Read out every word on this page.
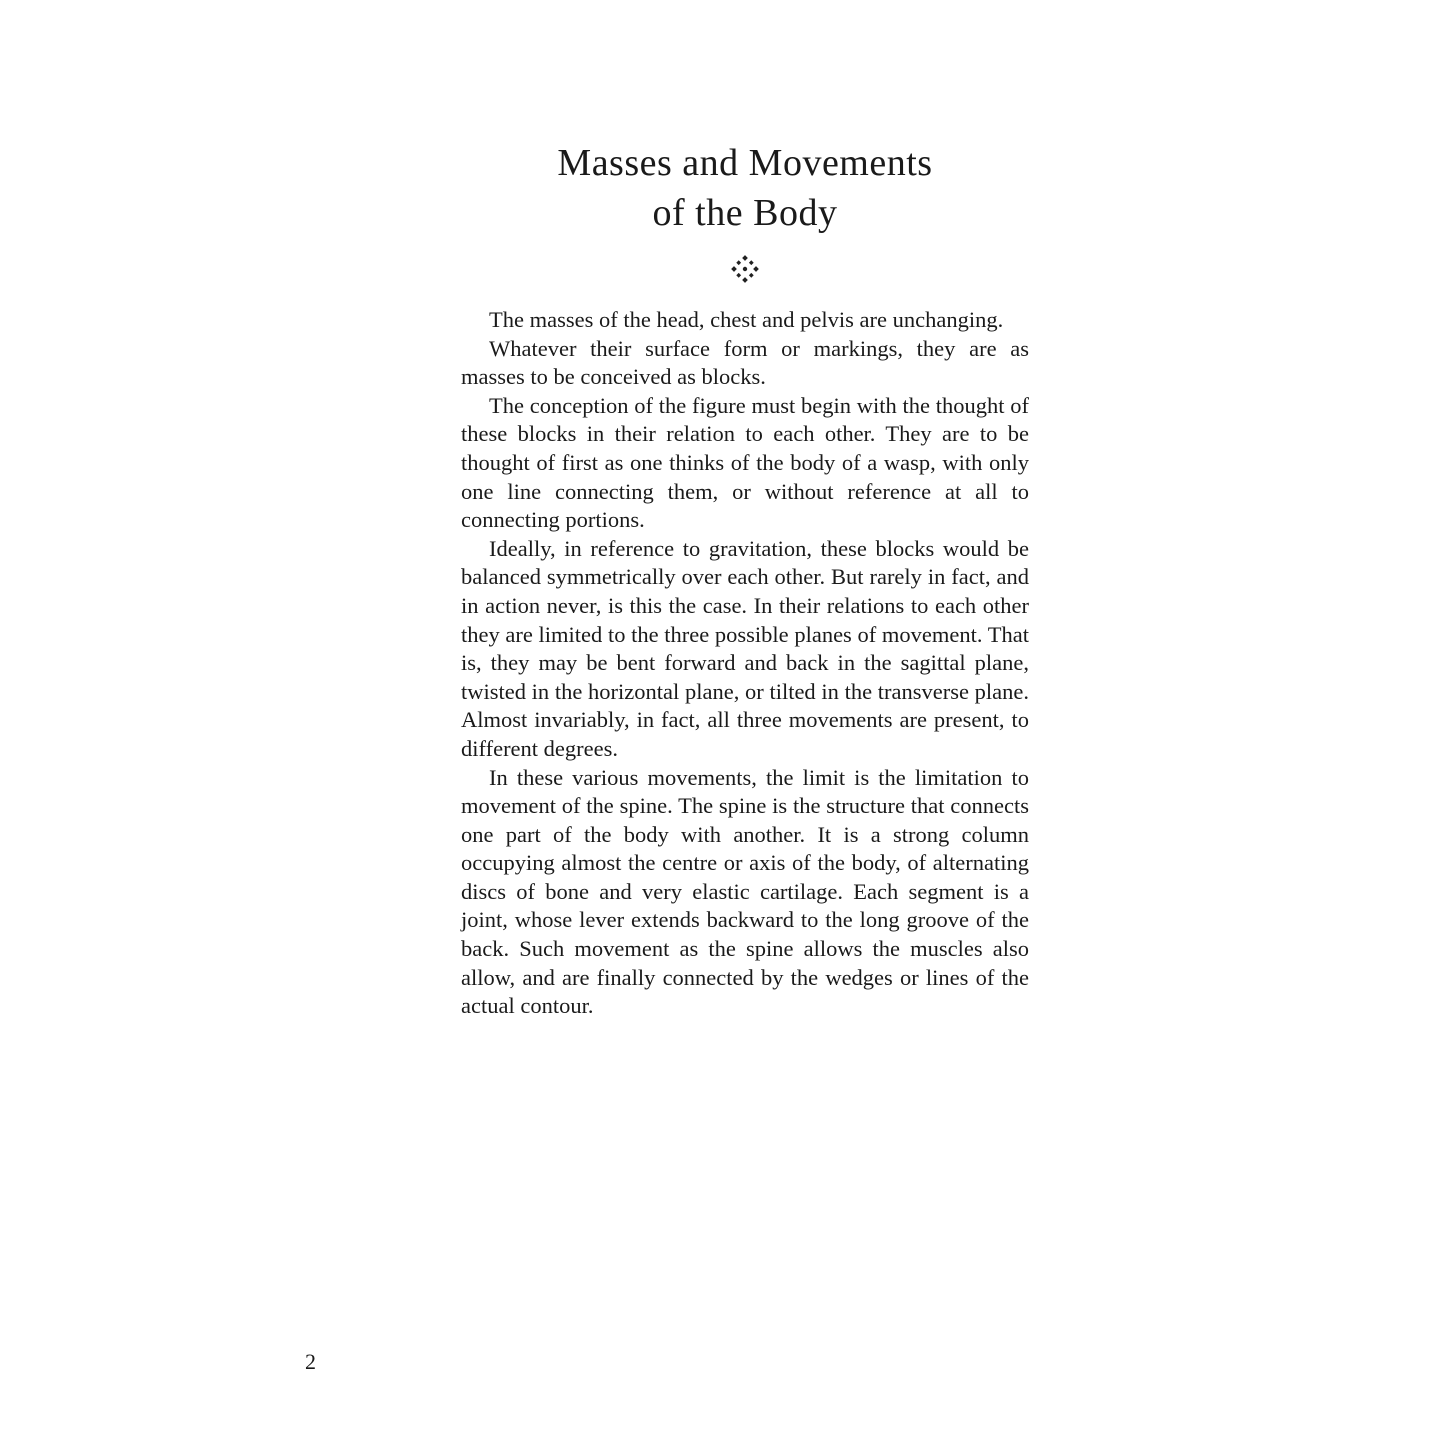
Masses and Movements
of the Body

The masses of the head, chest and pelvis are unchanging.

Whatever their surface form or markings, they are as masses to be conceived as blocks.

The conception of the figure must begin with the thought of these blocks in their relation to each other. They are to be thought of first as one thinks of the body of a wasp, with only one line connecting them, or without reference at all to connecting portions.

Ideally, in reference to gravitation, these blocks would be balanced symmetrically over each other. But rarely in fact, and in action never, is this the case. In their relations to each other they are limited to the three possible planes of movement. That is, they may be bent forward and back in the sagittal plane, twisted in the horizontal plane, or tilted in the transverse plane. Almost invariably, in fact, all three movements are present, to different degrees.

In these various movements, the limit is the limitation to movement of the spine. The spine is the structure that connects one part of the body with another. It is a strong column occupying almost the centre or axis of the body, of alternating discs of bone and very elastic cartilage. Each segment is a joint, whose lever extends backward to the long groove of the back. Such movement as the spine allows the muscles also allow, and are finally connected by the wedges or lines of the actual contour.

2
